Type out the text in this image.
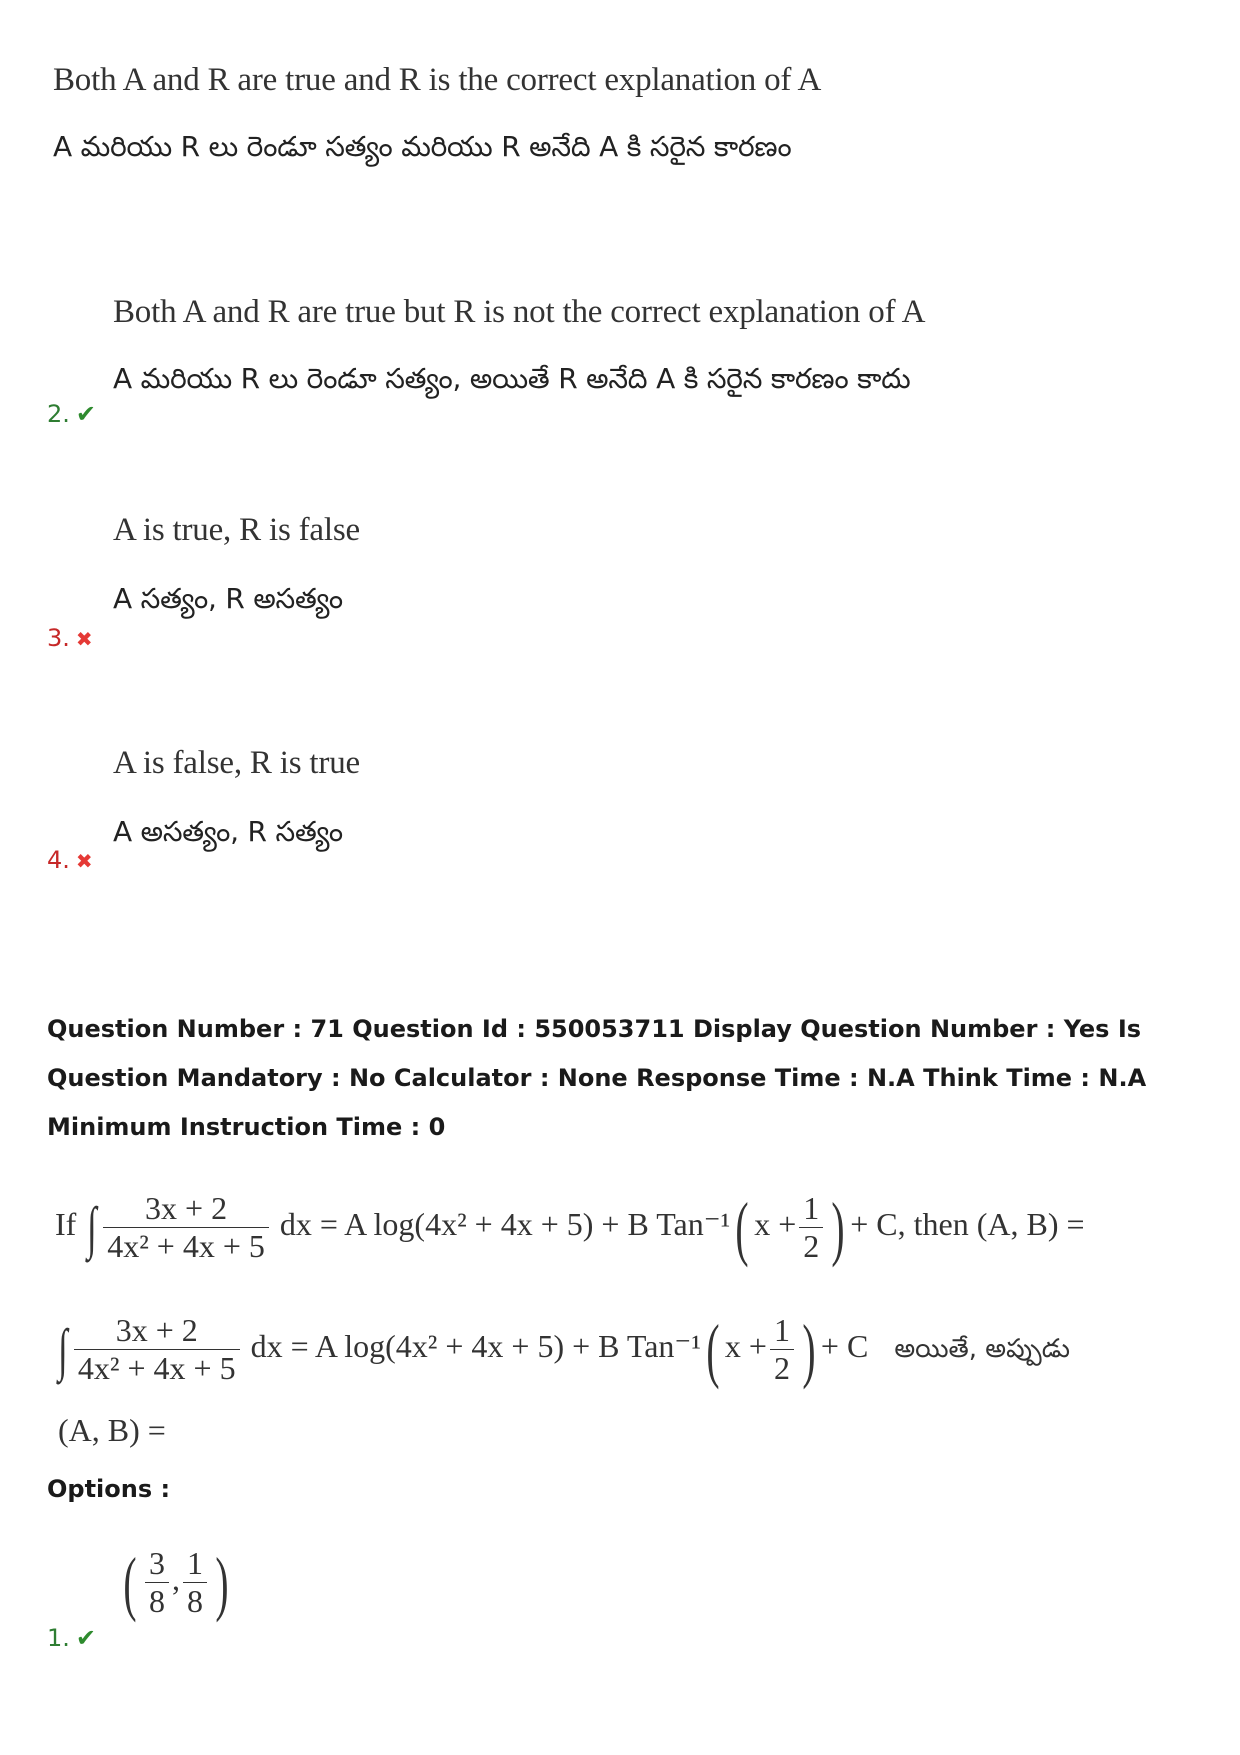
Both A and R are true and R is the correct explanation of A
A మరియు R లు రెండూ సత్యం మరియు R అనేది A కి సరైన కారణం
Both A and R are true but R is not the correct explanation of A
A మరియు R లు రెండూ సత్యం, అయితే R అనేది A కి సరైన కారణం కాదు
2. ✔
A is true, R is false
A సత్యం, R అసత్యం
3. ✖
A is false, R is true
A అసత్యం, R సత్యం
4. ✖
Question Number : 71 Question Id : 550053711 Display Question Number : Yes Is Question Mandatory : No Calculator : None Response Time : N.A Think Time : N.A Minimum Instruction Time : 0
If ∫ $\frac{3x + 2}{\text{4x² + 4x + 5}}$ dx = A log(4x² + 4x + 5) + B Tan⁻¹( $x + \frac{1}{2}$ ) + C, then (A, B) =
∫ $\frac{3x + 2}{\text{4x² + 4x + 5}}$ dx = A log(4x² + 4x + 5) + B Tan⁻¹( $x + \frac{1}{2}$ ) + C అయితే, అప్పుడు
(A, B) =
Options :
( $\frac{3}{8}$ , $\frac{1}{8}$ )
1. ✔
